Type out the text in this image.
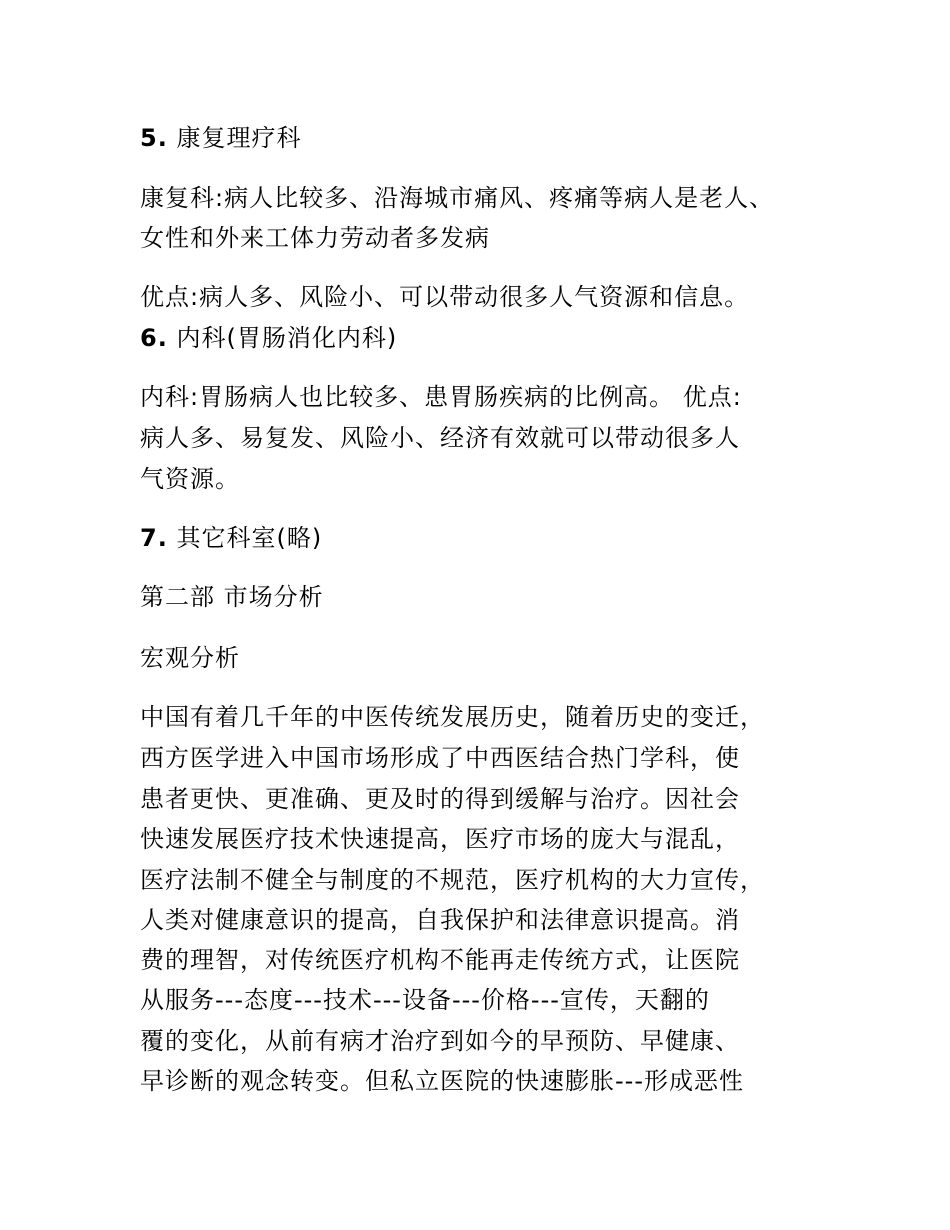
5. 康复理疗科
康复科:病人比较多、沿海城市痛风、疼痛等病人是老人、
女性和外来工体力劳动者多发病
优点:病人多、风险小、可以带动很多人气资源和信息。
6. 内科(胃肠消化内科)
内科:胃肠病人也比较多、患胃肠疾病的比例高。 优点:
病人多、易复发、风险小、经济有效就可以带动很多人
气资源。
7. 其它科室(略)
第二部 市场分析
宏观分析
中国有着几千年的中医传统发展历史，随着历史的变迁，
西方医学进入中国市场形成了中西医结合热门学科，使
患者更快、更准确、更及时的得到缓解与治疗。因社会
快速发展医疗技术快速提高，医疗市场的庞大与混乱，
医疗法制不健全与制度的不规范，医疗机构的大力宣传，
人类对健康意识的提高，自我保护和法律意识提高。消
费的理智，对传统医疗机构不能再走传统方式，让医院
从服务---态度---技术---设备---价格---宣传，天翻的
覆的变化，从前有病才治疗到如今的早预防、早健康、
早诊断的观念转变。但私立医院的快速膨胀---形成恶性
